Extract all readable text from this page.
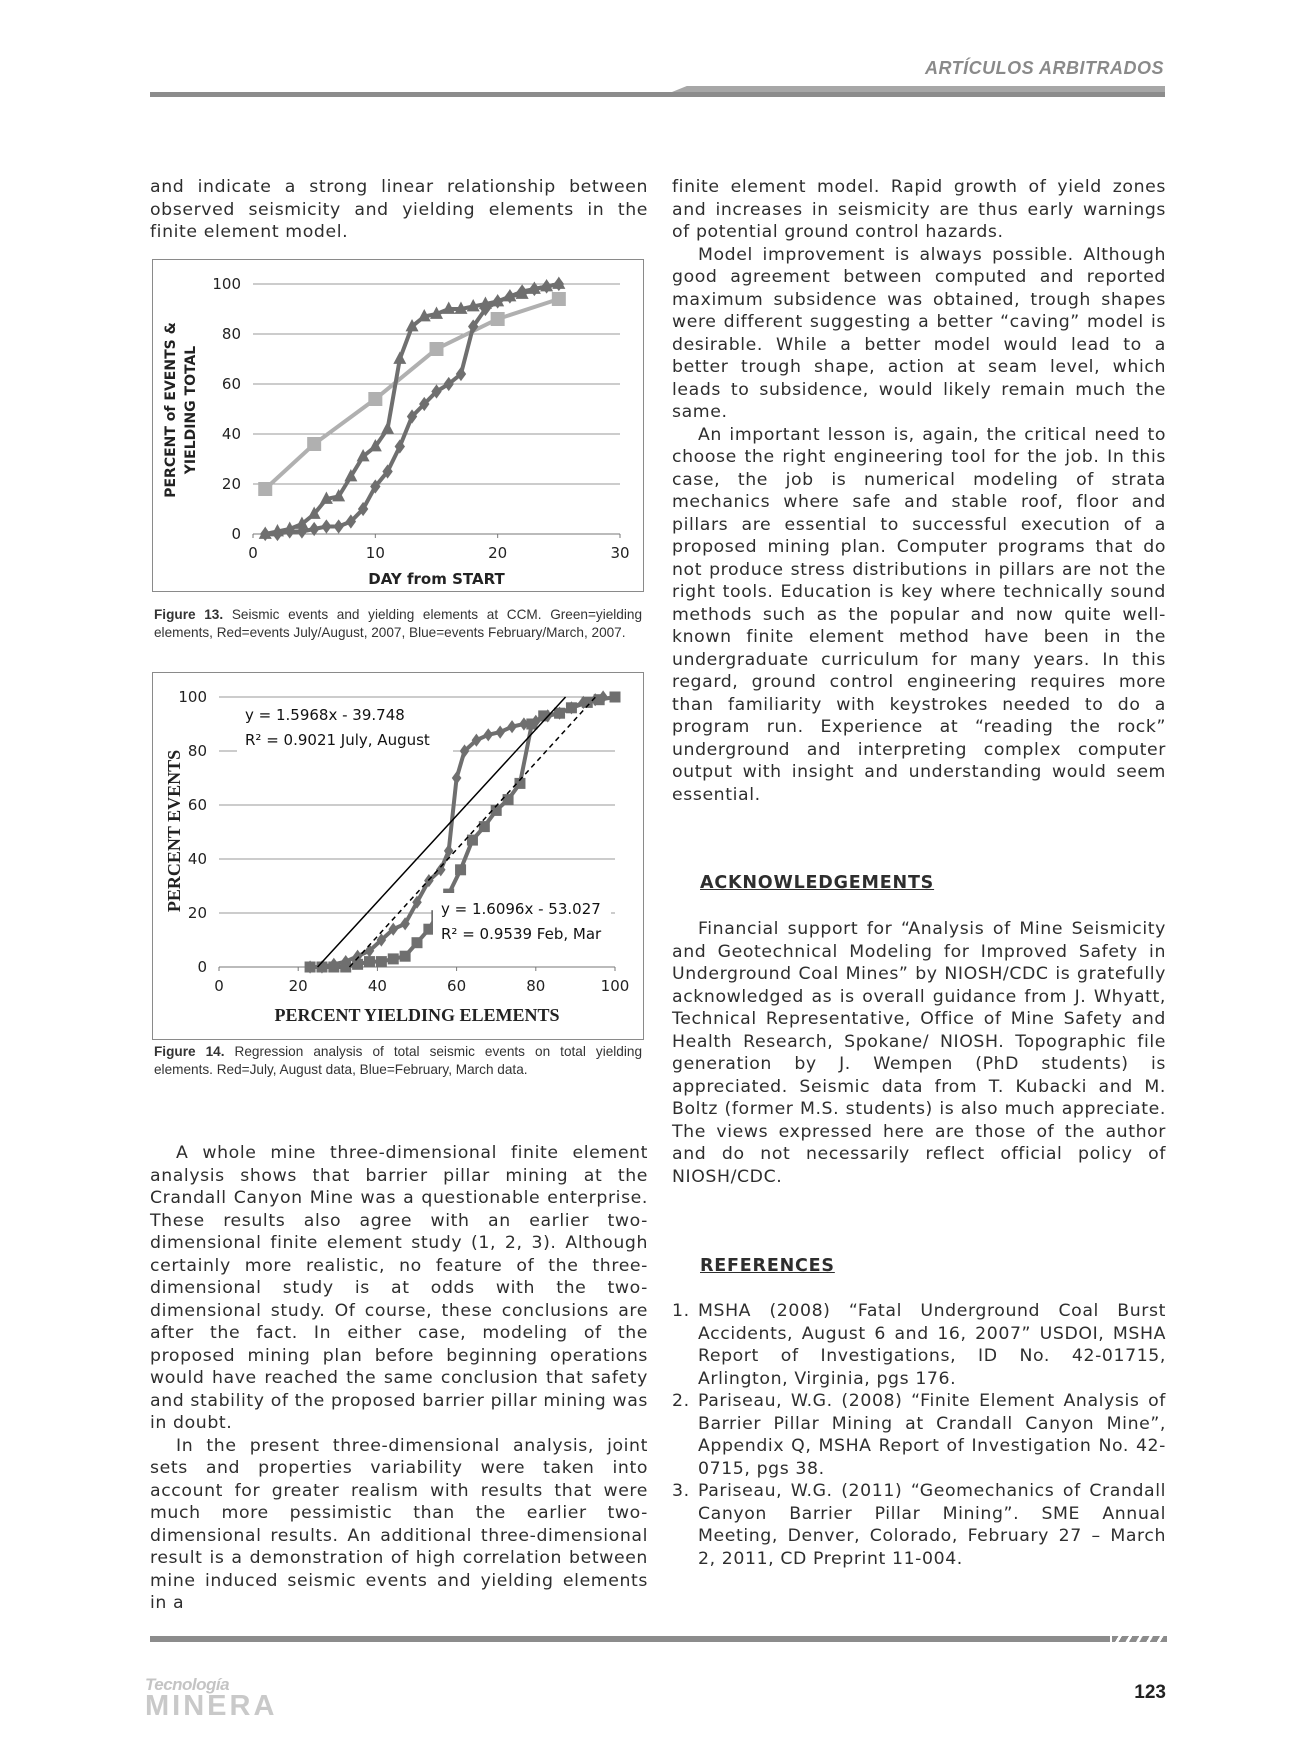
ARTÍCULOS ARBITRADOS

and indicate a strong linear relationship between observed seismicity and yielding elements in the finite element model.

0
20
40
60
80
100
0	10	20	30
DAY from START
PERCENT of EVENTS & YIELDING TOTAL
Figure 13. Seismic events and yielding elements at CCM. Green=yielding elements, Red=events July/August, 2007, Blue=events February/March, 2007.
0
20
40
60
80
100
0	20	40	60	80	100
PERCENT YIELDING ELEMENTS
PERCENT EVENTS
y = 1.5968x - 39.748
R² = 0.9021 July, August
y = 1.6096x - 53.027
R² = 0.9539 Feb, Mar
Figure 14. Regression analysis of total seismic events on total yielding elements. Red=July, August data, Blue=February, March data.

A whole mine three-dimensional finite element analysis shows that barrier pillar mining at the Crandall Canyon Mine was a questionable enterprise. These results also agree with an earlier two-dimensional finite element study (1, 2, 3). Although certainly more realistic, no feature of the three-dimensional study is at odds with the two-dimensional study. Of course, these conclusions are after the fact. In either case, modeling of the proposed mining plan before beginning operations would have reached the same conclusion that safety and stability of the proposed barrier pillar mining was in doubt.

In the present three-dimensional analysis, joint sets and properties variability were taken into account for greater realism with results that were much more pessimistic than the earlier two-dimensional results. An additional three-dimensional result is a demonstration of high correlation between mine induced seismic events and yielding elements in a

finite element model. Rapid growth of yield zones and increases in seismicity are thus early warnings of potential ground control hazards.

Model improvement is always possible. Although good agreement between computed and reported maximum subsidence was obtained, trough shapes were different suggesting a better “caving” model is desirable. While a better model would lead to a better trough shape, action at seam level, which leads to subsidence, would likely remain much the same.

An important lesson is, again, the critical need to choose the right engineering tool for the job. In this case, the job is numerical modeling of strata mechanics where safe and stable roof, floor and pillars are essential to successful execution of a proposed mining plan. Computer programs that do not produce stress distributions in pillars are not the right tools. Education is key where technically sound methods such as the popular and now quite well-known finite element method have been in the undergraduate curriculum for many years. In this regard, ground control engineering requires more than familiarity with keystrokes needed to do a program run. Experience at “reading the rock” underground and interpreting complex computer output with insight and understanding would seem essential.

ACKNOWLEDGEMENTS

Financial support for “Analysis of Mine Seismicity and Geotechnical Modeling for Improved Safety in Underground Coal Mines” by NIOSH/CDC is gratefully acknowledged as is overall guidance from J. Whyatt, Technical Representative, Office of Mine Safety and Health Research, Spokane/ NIOSH. Topographic file generation by J. Wempen (PhD students) is appreciated. Seismic data from T. Kubacki and M. Boltz (former M.S. students) is also much appreciate. The views expressed here are those of the author and do not necessarily reflect official policy of NIOSH/CDC.

REFERENCES
1. MSHA (2008) “Fatal Underground Coal Burst Accidents, August 6 and 16, 2007” USDOI, MSHA Report of Investigations, ID No. 42-01715, Arlington, Virginia, pgs 176.
2. Pariseau, W.G. (2008) “Finite Element Analysis of Barrier Pillar Mining at Crandall Canyon Mine”, Appendix Q, MSHA Report of Investigation No. 42-0715, pgs 38.
3. Pariseau, W.G. (2011) “Geomechanics of Crandall Canyon Barrier Pillar Mining”. SME Annual Meeting, Denver, Colorado, February 27 – March 2, 2011, CD Preprint 11-004.
Tecnología
MINERA	123
